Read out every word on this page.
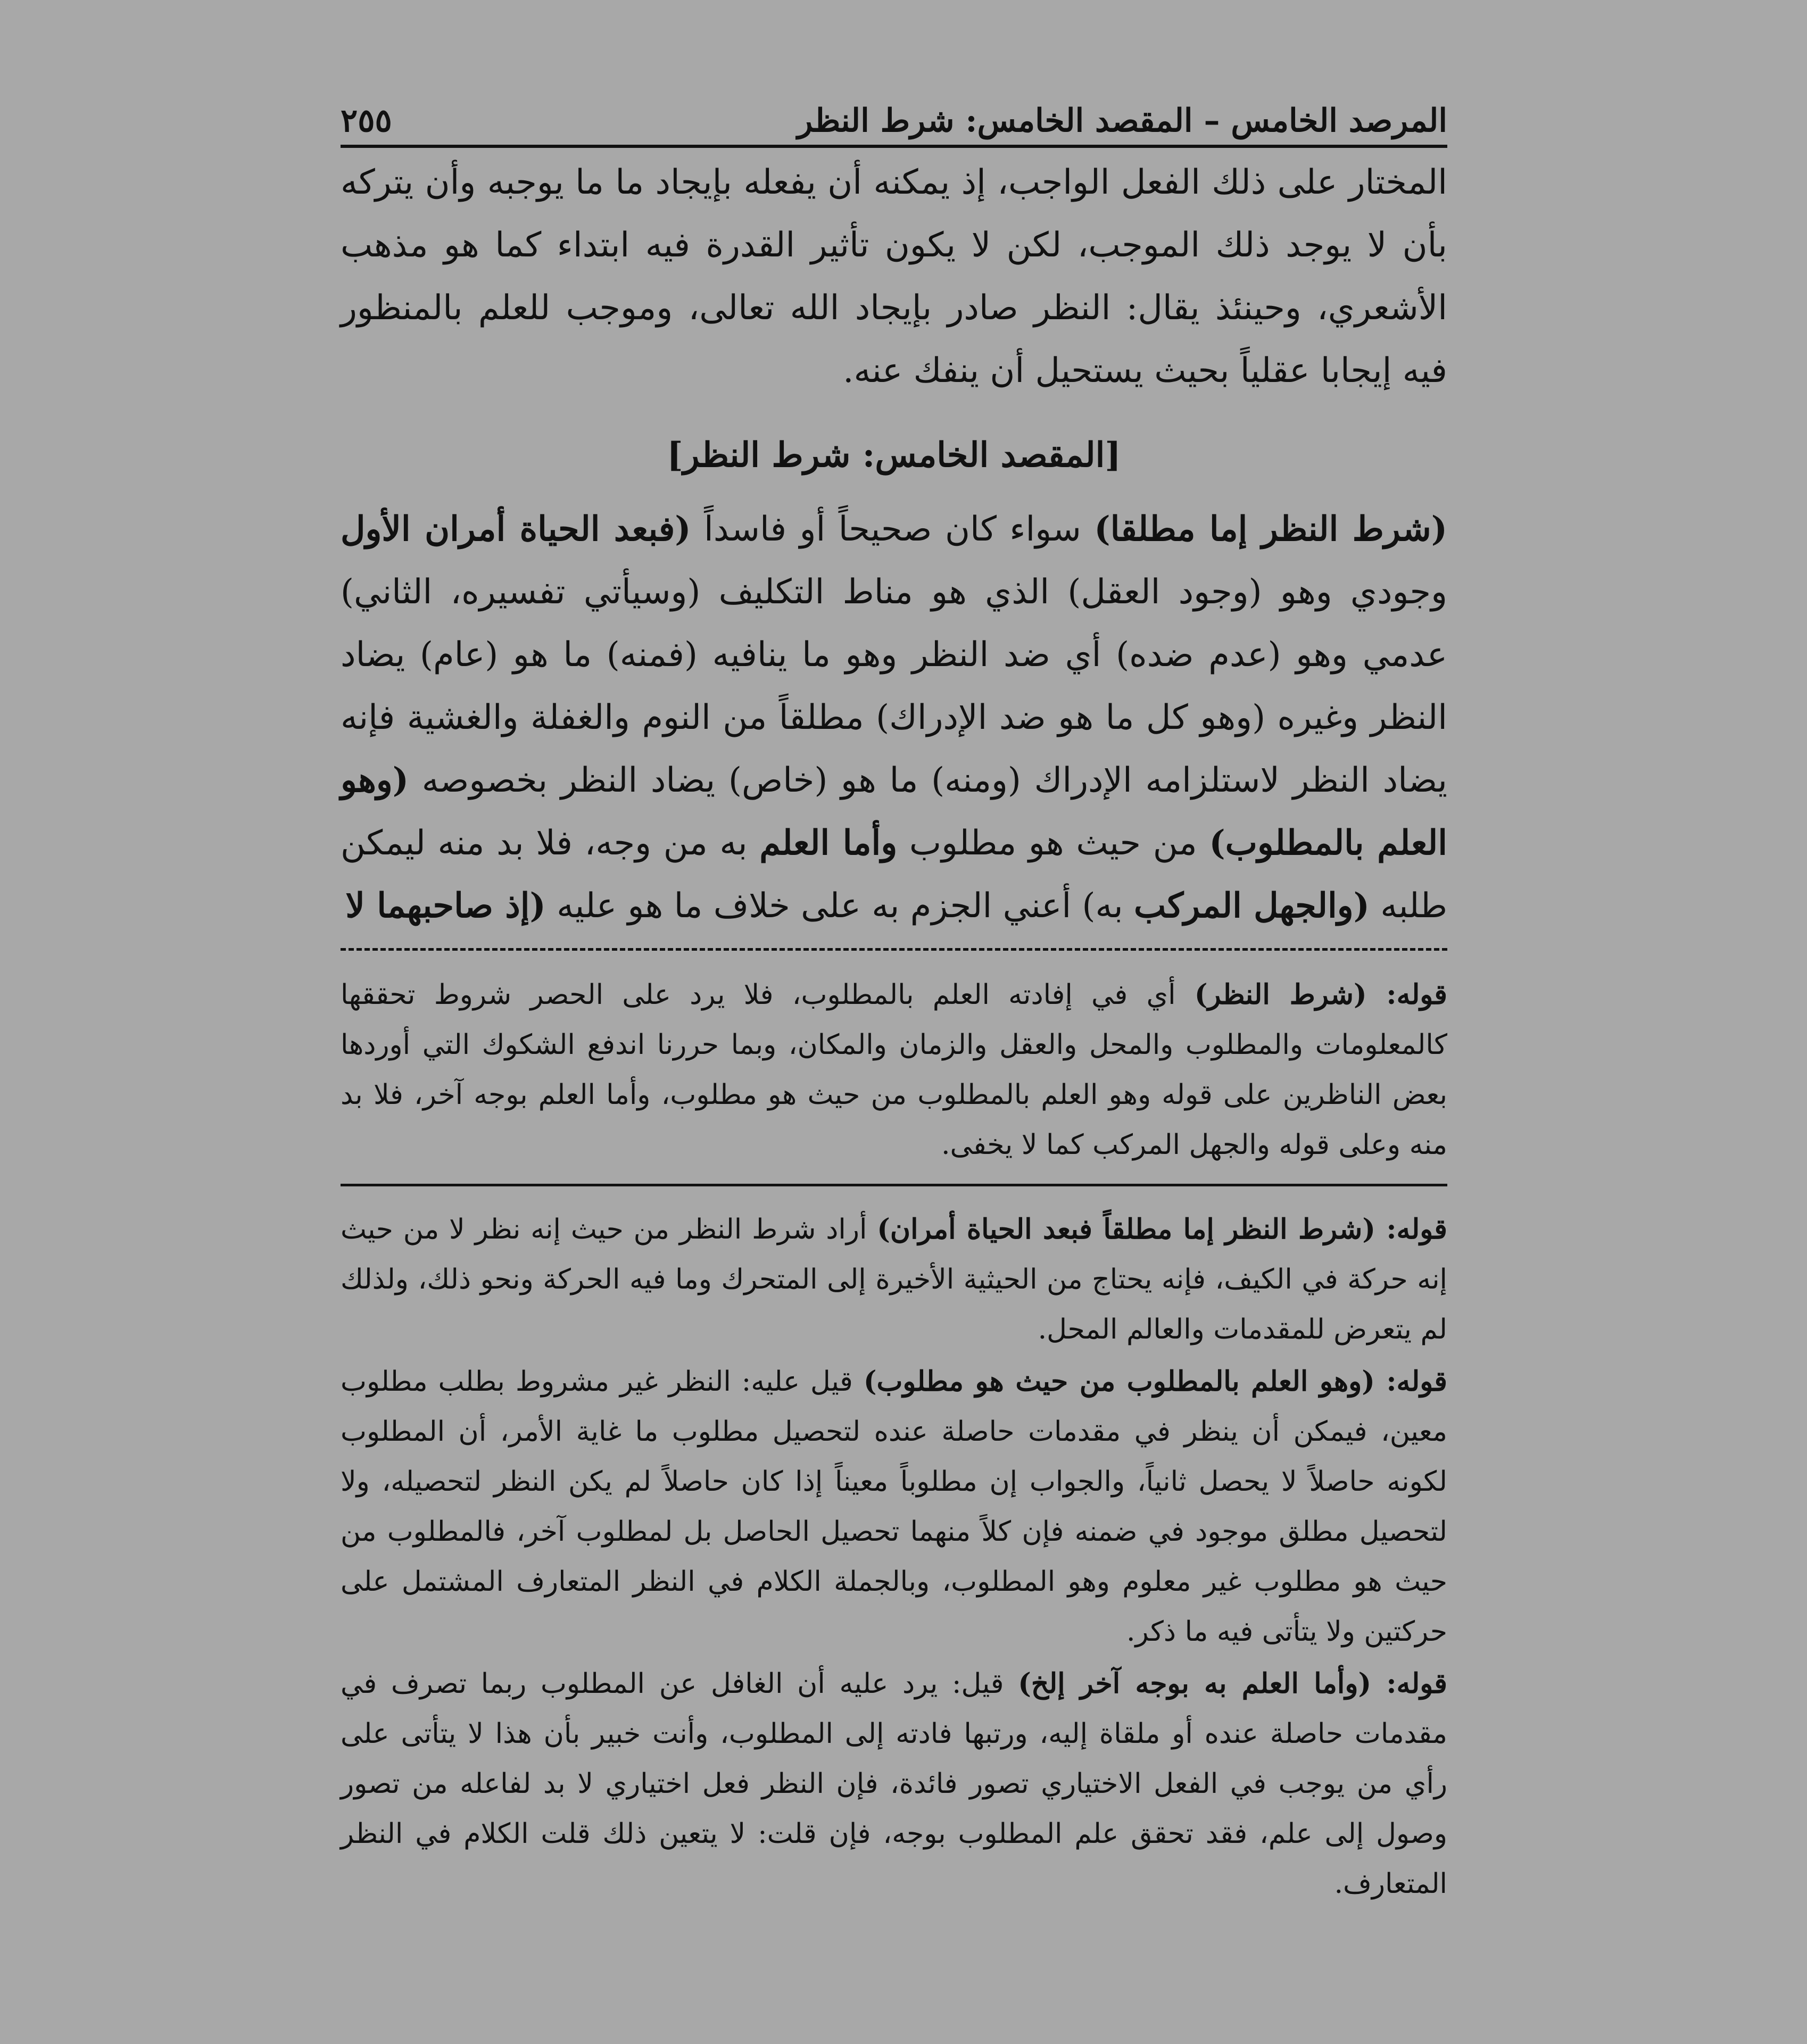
المرصد الخامس – المقصد الخامس: شرط النظر
٢٥٥

المختار على ذلك الفعل الواجب، إذ يمكنه أن يفعله بإيجاد ما ما يوجبه وأن يتركه بأن لا يوجد ذلك الموجب، لكن لا يكون تأثير القدرة فيه ابتداء كما هو مذهب الأشعري، وحينئذ يقال: النظر صادر بإيجاد الله تعالى، وموجب للعلم بالمنظور فيه إيجابا عقلياً بحيث يستحيل أن ينفك عنه.

[المقصد الخامس: شرط النظر]

(شرط النظر إما مطلقا) سواء كان صحيحاً أو فاسداً (فبعد الحياة أمران الأول وجودي وهو (وجود العقل) الذي هو مناط التكليف (وسيأتي تفسيره، الثاني) عدمي وهو (عدم ضده) أي ضد النظر وهو ما ينافيه (فمنه) ما هو (عام) يضاد النظر وغيره (وهو كل ما هو ضد الإدراك) مطلقاً من النوم والغفلة والغشية فإنه يضاد النظر لاستلزامه الإدراك (ومنه) ما هو (خاص) يضاد النظر بخصوصه (وهو العلم بالمطلوب) من حيث هو مطلوب وأما العلم به من وجه، فلا بد منه ليمكن طلبه (والجهل المركب به) أعني الجزم به على خلاف ما هو عليه (إذ صاحبهما لا

قوله: (شرط النظر) أي في إفادته العلم بالمطلوب، فلا يرد على الحصر شروط تحققها كالمعلومات والمطلوب والمحل والعقل والزمان والمكان، وبما حررنا اندفع الشكوك التي أوردها بعض الناظرين على قوله وهو العلم بالمطلوب من حيث هو مطلوب، وأما العلم بوجه آخر، فلا بد منه وعلى قوله والجهل المركب كما لا يخفى.

قوله: (شرط النظر إما مطلقاً فبعد الحياة أمران) أراد شرط النظر من حيث إنه نظر لا من حيث إنه حركة في الكيف، فإنه يحتاج من الحيثية الأخيرة إلى المتحرك وما فيه الحركة ونحو ذلك، ولذلك لم يتعرض للمقدمات والعالم المحل.

قوله: (وهو العلم بالمطلوب من حيث هو مطلوب) قيل عليه: النظر غير مشروط بطلب مطلوب معين، فيمكن أن ينظر في مقدمات حاصلة عنده لتحصيل مطلوب ما غاية الأمر، أن المطلوب لكونه حاصلاً لا يحصل ثانياً، والجواب إن مطلوباً معيناً إذا كان حاصلاً لم يكن النظر لتحصيله، ولا لتحصيل مطلق موجود في ضمنه فإن كلاً منهما تحصيل الحاصل بل لمطلوب آخر، فالمطلوب من حيث هو مطلوب غير معلوم وهو المطلوب، وبالجملة الكلام في النظر المتعارف المشتمل على حركتين ولا يتأتى فيه ما ذكر.

قوله: (وأما العلم به بوجه آخر إلخ) قيل: يرد عليه أن الغافل عن المطلوب ربما تصرف في مقدمات حاصلة عنده أو ملقاة إليه، ورتبها فادته إلى المطلوب، وأنت خبير بأن هذا لا يتأتى على رأي من يوجب في الفعل الاختياري تصور فائدة، فإن النظر فعل اختياري لا بد لفاعله من تصور وصول إلى علم، فقد تحقق علم المطلوب بوجه، فإن قلت: لا يتعين ذلك قلت الكلام في النظر المتعارف.
